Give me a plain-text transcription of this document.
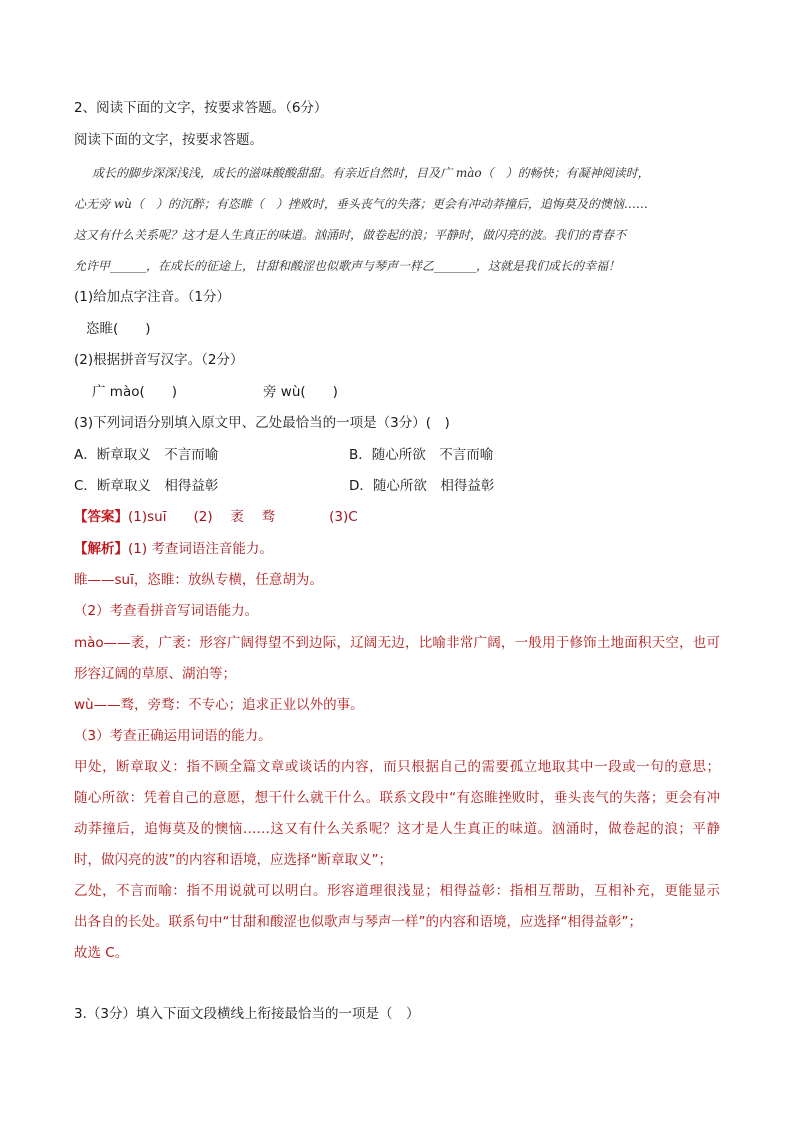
2、阅读下面的文字，按要求答题。（6分）
阅读下面的文字，按要求答题。
成长的脚步深深浅浅，成长的滋味酸酸甜甜。有亲近自然时，目及广 mào（　）的畅快；有凝神阅读时，
心无旁 wù（　）的沉醉；有恣睢（　）挫败时，垂头丧气的失落；更会有冲动莽撞后，追悔莫及的懊恼……
这又有什么关系呢？这才是人生真正的味道。汹涌时，做卷起的浪；平静时，做闪亮的波。我们的青春不
允许甲______，在成长的征途上，甘甜和酸涩也似歌声与琴声一样乙_______，这就是我们成长的幸福！
(1)给加点字注音。（1分）
恣睢(　　)
(2)根据拼音写汉字。（2分）
广 mào(　　)	旁 wù(　　)
(3)下列词语分别填入原文甲、乙处最恰当的一项是（3分）(　)
A．断章取义　不言而喻	B．随心所欲　不言而喻
C．断章取义　相得益彰	D．随心所欲　相得益彰
【答案】(1)suī　　(2)　 袤　 骛　　　　(3)C
【解析】(1) 考查词语注音能力。
睢——suī，恣睢：放纵专横，任意胡为。
（2）考查看拼音写词语能力。
mào——袤，广袤：形容广阔得望不到边际，辽阔无边，比喻非常广阔，一般用于修饰土地面积天空，也可
形容辽阔的草原、湖泊等；
wù——骛，旁骛：不专心；追求正业以外的事。
（3）考查正确运用词语的能力。
甲处，断章取义：指不顾全篇文章或谈话的内容，而只根据自己的需要孤立地取其中一段或一句的意思；
随心所欲：凭着自己的意愿，想干什么就干什么。联系文段中“有恣睢挫败时，垂头丧气的失落；更会有冲
动莽撞后，追悔莫及的懊恼……这又有什么关系呢？这才是人生真正的味道。汹涌时，做卷起的浪；平静
时，做闪亮的波”的内容和语境，应选择“断章取义”；
乙处，不言而喻：指不用说就可以明白。形容道理很浅显；相得益彰：指相互帮助，互相补充，更能显示
出各自的长处。联系句中“甘甜和酸涩也似歌声与琴声一样”的内容和语境，应选择“相得益彰”；
故选 C。
3.（3分）填入下面文段横线上衔接最恰当的一项是（　）
